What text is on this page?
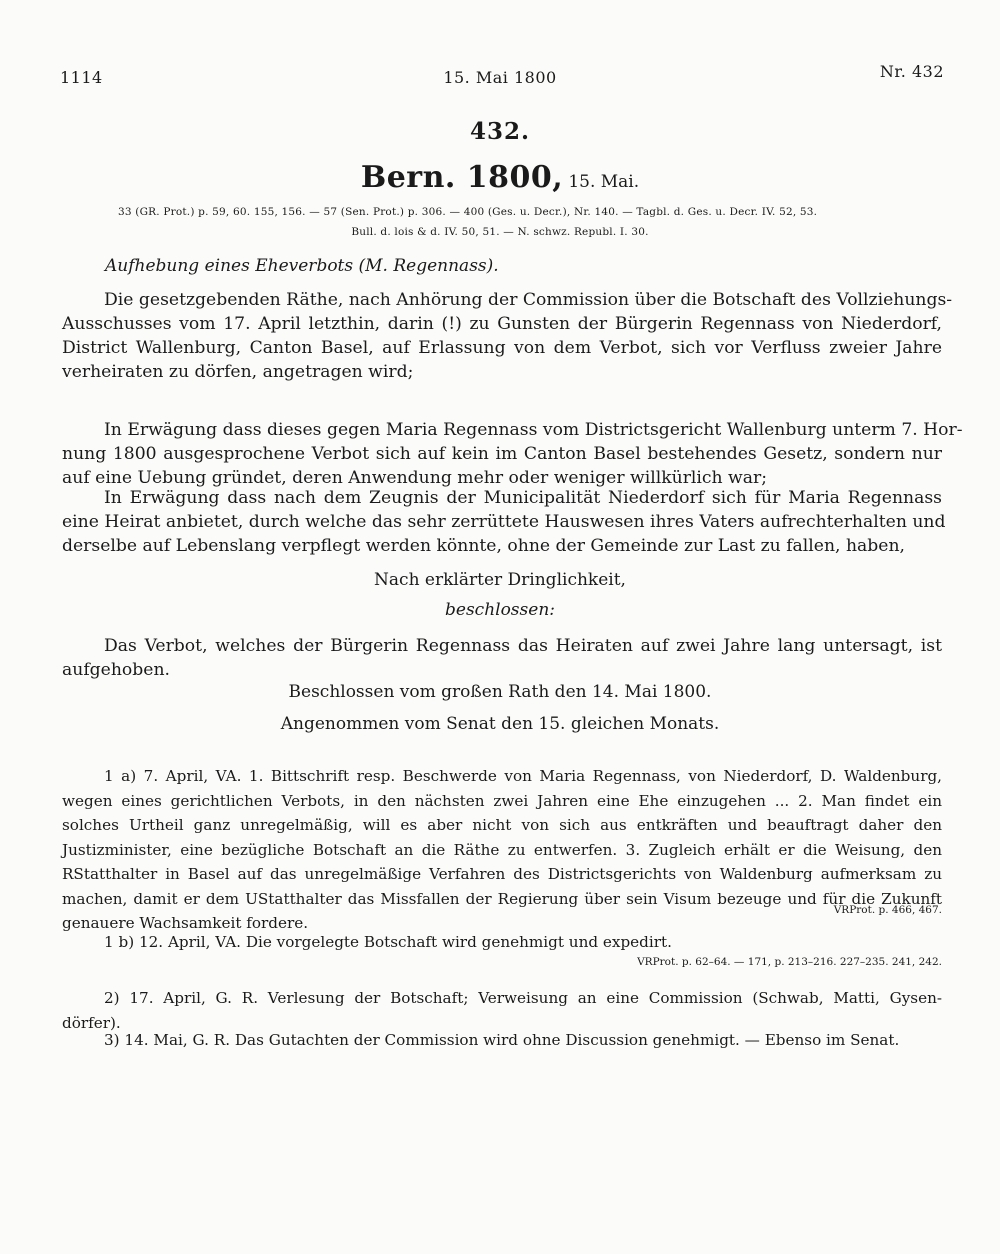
1114	15. Mai 1800	Nr. 432
432.
Bern. 1800, 15. Mai.
33 (GR. Prot.) p. 59, 60. 155, 156. — 57 (Sen. Prot.) p. 306. — 400 (Ges. u. Decr.), Nr. 140. — Tagbl. d. Ges. u. Decr. IV. 52, 53.
Bull. d. lois & d. IV. 50, 51. — N. schwz. Republ. I. 30.
Aufhebung eines Eheverbots (M. Regennass).
Die gesetzgebenden Räthe, nach Anhörung der Commission über die Botschaft des Vollziehungs-
Ausschusses vom 17. April letzthin, darin (!) zu Gunsten der Bürgerin Regennass von Niederdorf,
District Wallenburg, Canton Basel, auf Erlassung von dem Verbot, sich vor Verfluss zweier Jahre
verheiraten zu dörfen, angetragen wird;
In Erwägung dass dieses gegen Maria Regennass vom Districtsgericht Wallenburg unterm 7. Hor-
nung 1800 ausgesprochene Verbot sich auf kein im Canton Basel bestehendes Gesetz, sondern nur
auf eine Uebung gründet, deren Anwendung mehr oder weniger willkürlich war;
In Erwägung dass nach dem Zeugnis der Municipalität Niederdorf sich für Maria Regennass
eine Heirat anbietet, durch welche das sehr zerrüttete Hauswesen ihres Vaters aufrechterhalten und
derselbe auf Lebenslang verpflegt werden könnte, ohne der Gemeinde zur Last zu fallen, haben,
Nach erklärter Dringlichkeit,
beschlossen:
Das Verbot, welches der Bürgerin Regennass das Heiraten auf zwei Jahre lang untersagt, ist
aufgehoben.
Beschlossen vom großen Rath den 14. Mai 1800.
Angenommen vom Senat den 15. gleichen Monats.
1 a) 7. April, VA. 1. Bittschrift resp. Beschwerde von Maria Regennass, von Niederdorf, D. Waldenburg,
wegen eines gerichtlichen Verbots, in den nächsten zwei Jahren eine Ehe einzugehen ... 2. Man findet ein
solches Urtheil ganz unregelmäßig, will es aber nicht von sich aus entkräften und beauftragt daher den
Justizminister, eine bezügliche Botschaft an die Räthe zu entwerfen. 3. Zugleich erhält er die Weisung, den
RStatthalter in Basel auf das unregelmäßige Verfahren des Districtsgerichts von Waldenburg aufmerksam zu
machen, damit er dem UStatthalter das Missfallen der Regierung über sein Visum bezeuge und für die Zukunft
genauere Wachsamkeit fordere.
VRProt. p. 466, 467.
1 b) 12. April, VA. Die vorgelegte Botschaft wird genehmigt und expedirt.
VRProt. p. 62–64. — 171, p. 213–216. 227–235. 241, 242.
2) 17. April, G. R. Verlesung der Botschaft; Verweisung an eine Commission (Schwab, Matti, Gysen-
dörfer).
3) 14. Mai, G. R. Das Gutachten der Commission wird ohne Discussion genehmigt. — Ebenso im Senat.
